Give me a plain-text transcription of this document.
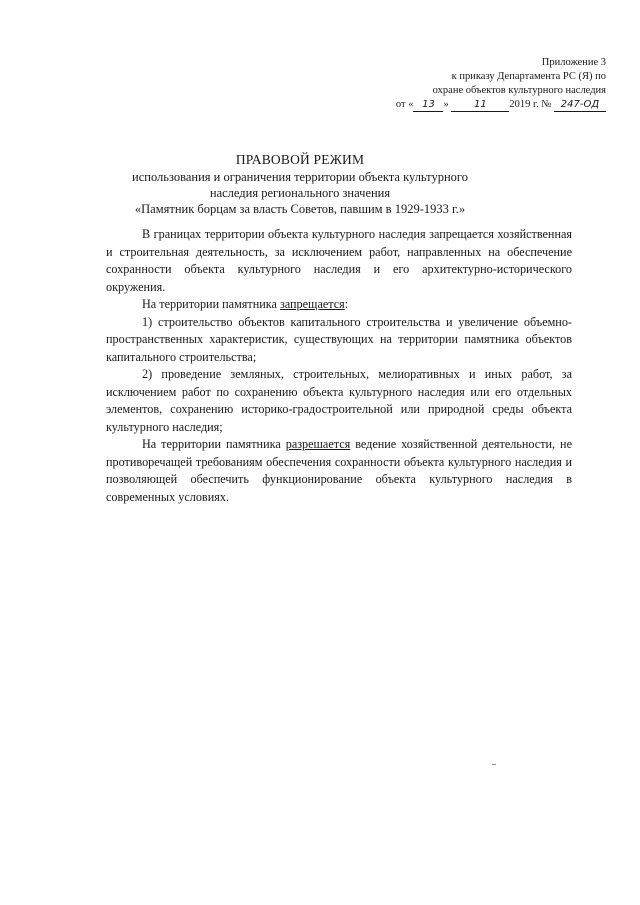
Приложение 3
к приказу Департамента РС (Я) по
охране объектов культурного наследия
от « 13 »	11 2019 г. № 247-ОД
ПРАВОВОЙ РЕЖИМ
использования и ограничения территории объекта культурного
наследия регионального значения
«Памятник борцам за власть Советов, павшим в 1929-1933 г.»

В границах территории объекта культурного наследия запрещается хозяйственная и строительная деятельность, за исключением работ, направленных на обеспечение сохранности объекта культурного наследия и его архитектурно-исторического окружения.

На территории памятника запрещается:

1) строительство объектов капитального строительства и увеличение объемно- пространственных характеристик, существующих на территории памятника объектов капитального строительства;

2) проведение земляных, строительных, мелиоративных и иных работ, за исключением работ по сохранению объекта культурного наследия или его отдельных элементов, сохранению историко-градостроительной или природной среды объекта культурного наследия;

На территории памятника разрешается ведение хозяйственной деятельности, не противоречащей требованиям обеспечения сохранности объекта культурного наследия и позволяющей обеспечить функционирование объекта культурного наследия в современных условиях.
